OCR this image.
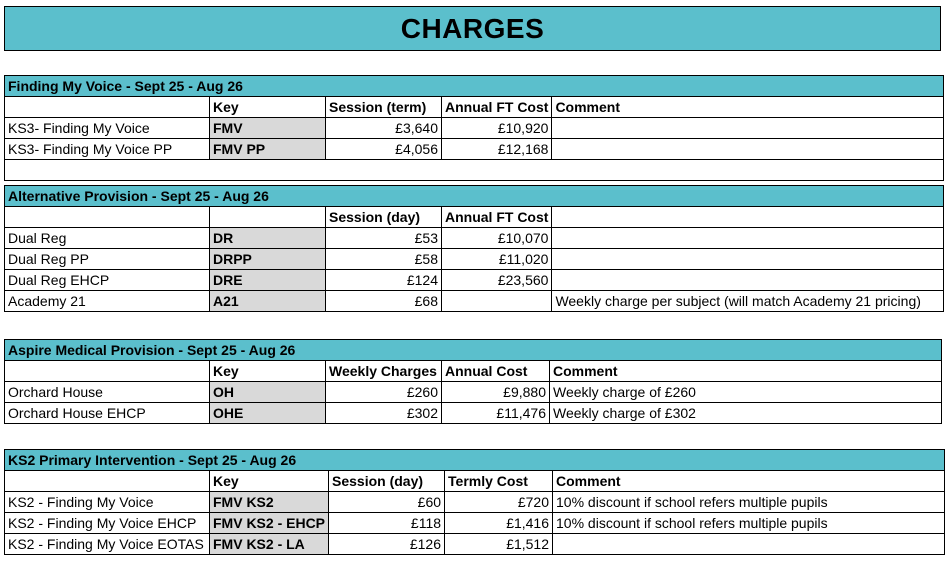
CHARGES
Finding My Voice - Sept 25 - Aug 26				
	Key	Session (term)	Annual FT Cost	Comment
KS3- Finding My Voice	FMV	£3,640	£10,920	
KS3- Finding My Voice PP	FMV PP	£4,056	£12,168	

Alternative Provision - Sept 25 - Aug 26				
		Session (day)	Annual FT Cost	
Dual Reg	DR	£53	£10,070	
Dual Reg PP	DRPP	£58	£11,020	
Dual Reg EHCP	DRE	£124	£23,560	
Academy 21	A21	£68		Weekly charge per subject (will match Academy 21 pricing)
Aspire Medical Provision - Sept 25 - Aug 26				
	Key	Weekly Charges	Annual Cost	Comment
Orchard House	OH	£260	£9,880	Weekly charge of £260
Orchard House EHCP	OHE	£302	£11,476	Weekly charge of £302
KS2 Primary Intervention - Sept 25 - Aug 26				
	Key	Session (day)	Termly Cost	Comment
KS2 - Finding My Voice	FMV KS2	£60	£720	10% discount if school refers multiple pupils
KS2 - Finding My Voice EHCP	FMV KS2 - EHCP	£118	£1,416	10% discount if school refers multiple pupils
KS2 - Finding My Voice EOTAS	FMV KS2 - LA	£126	£1,512	
